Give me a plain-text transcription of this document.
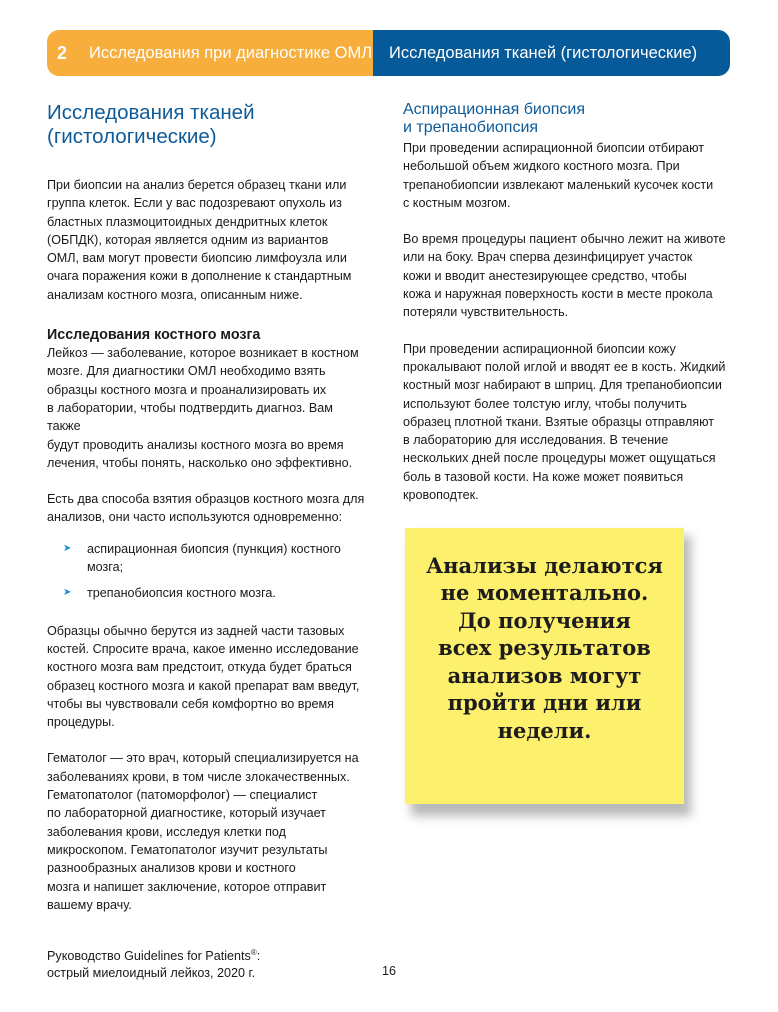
2	Исследования при диагностике ОМЛ Исследования тканей (гистологические)
Исследования тканей
(гистологические)

При биопсии на анализ берется образец ткани или
группа клеток. Если у вас подозревают опухоль из
бластных плазмоцитоидных дендритных клеток
(ОБПДК), которая является одним из вариантов
ОМЛ, вам могут провести биопсию лимфоузла или
очага поражения кожи в дополнение к стандартным
анализам костного мозга, описанным ниже.

Исследования костного мозга

Лейкоз — заболевание, которое возникает в костном
мозге. Для диагностики ОМЛ необходимо взять
образцы костного мозга и проанализировать их
в лаборатории, чтобы подтвердить диагноз. Вам также
будут проводить анализы костного мозга во время
лечения, чтобы понять, насколько оно эффективно.

Есть два способа взятия образцов костного мозга для
анализов, они часто используются одновременно:

➤	аспирационная биопсия (пункция) костного
мозга;
➤	трепанобиопсия костного мозга.

Образцы обычно берутся из задней части тазовых
костей. Спросите врача, какое именно исследование
костного мозга вам предстоит, откуда будет браться
образец костного мозга и какой препарат вам введут,
чтобы вы чувствовали себя комфортно во время
процедуры.

Гематолог — это врач, который специализируется на
заболеваниях крови, в том числе злокачественных.
Гематопатолог (патоморфолог) — специалист
по лабораторной диагностике, который изучает
заболевания крови, исследуя клетки под
микроскопом. Гематопатолог изучит результаты
разнообразных анализов крови и костного
мозга и напишет заключение, которое отправит
вашему врачу.

Аспирационная биопсия
и трепанобиопсия

При проведении аспирационной биопсии отбирают
небольшой объем жидкого костного мозга. При
трепанобиопсии извлекают маленький кусочек кости
с костным мозгом.

Во время процедуры пациент обычно лежит на животе
или на боку. Врач сперва дезинфицирует участок
кожи и вводит анестезирующее средство, чтобы
кожа и наружная поверхность кости в месте прокола
потеряли чувствительность.

При проведении аспирационной биопсии кожу
прокалывают полой иглой и вводят ее в кость. Жидкий
костный мозг набирают в шприц. Для трепанобиопсии
используют более толстую иглу, чтобы получить
образец плотной ткани. Взятые образцы отправляют
в лабораторию для исследования. В течение
нескольких дней после процедуры может ощущаться
боль в тазовой кости. На коже может появиться
кровоподтек.

Анализы делаются
не моментально.
До получения
всех результатов
анализов могут
пройти дни или
недели.
Руководство Guidelines for Patients®:
острый миелоидный лейкоз, 2020 г.	16
